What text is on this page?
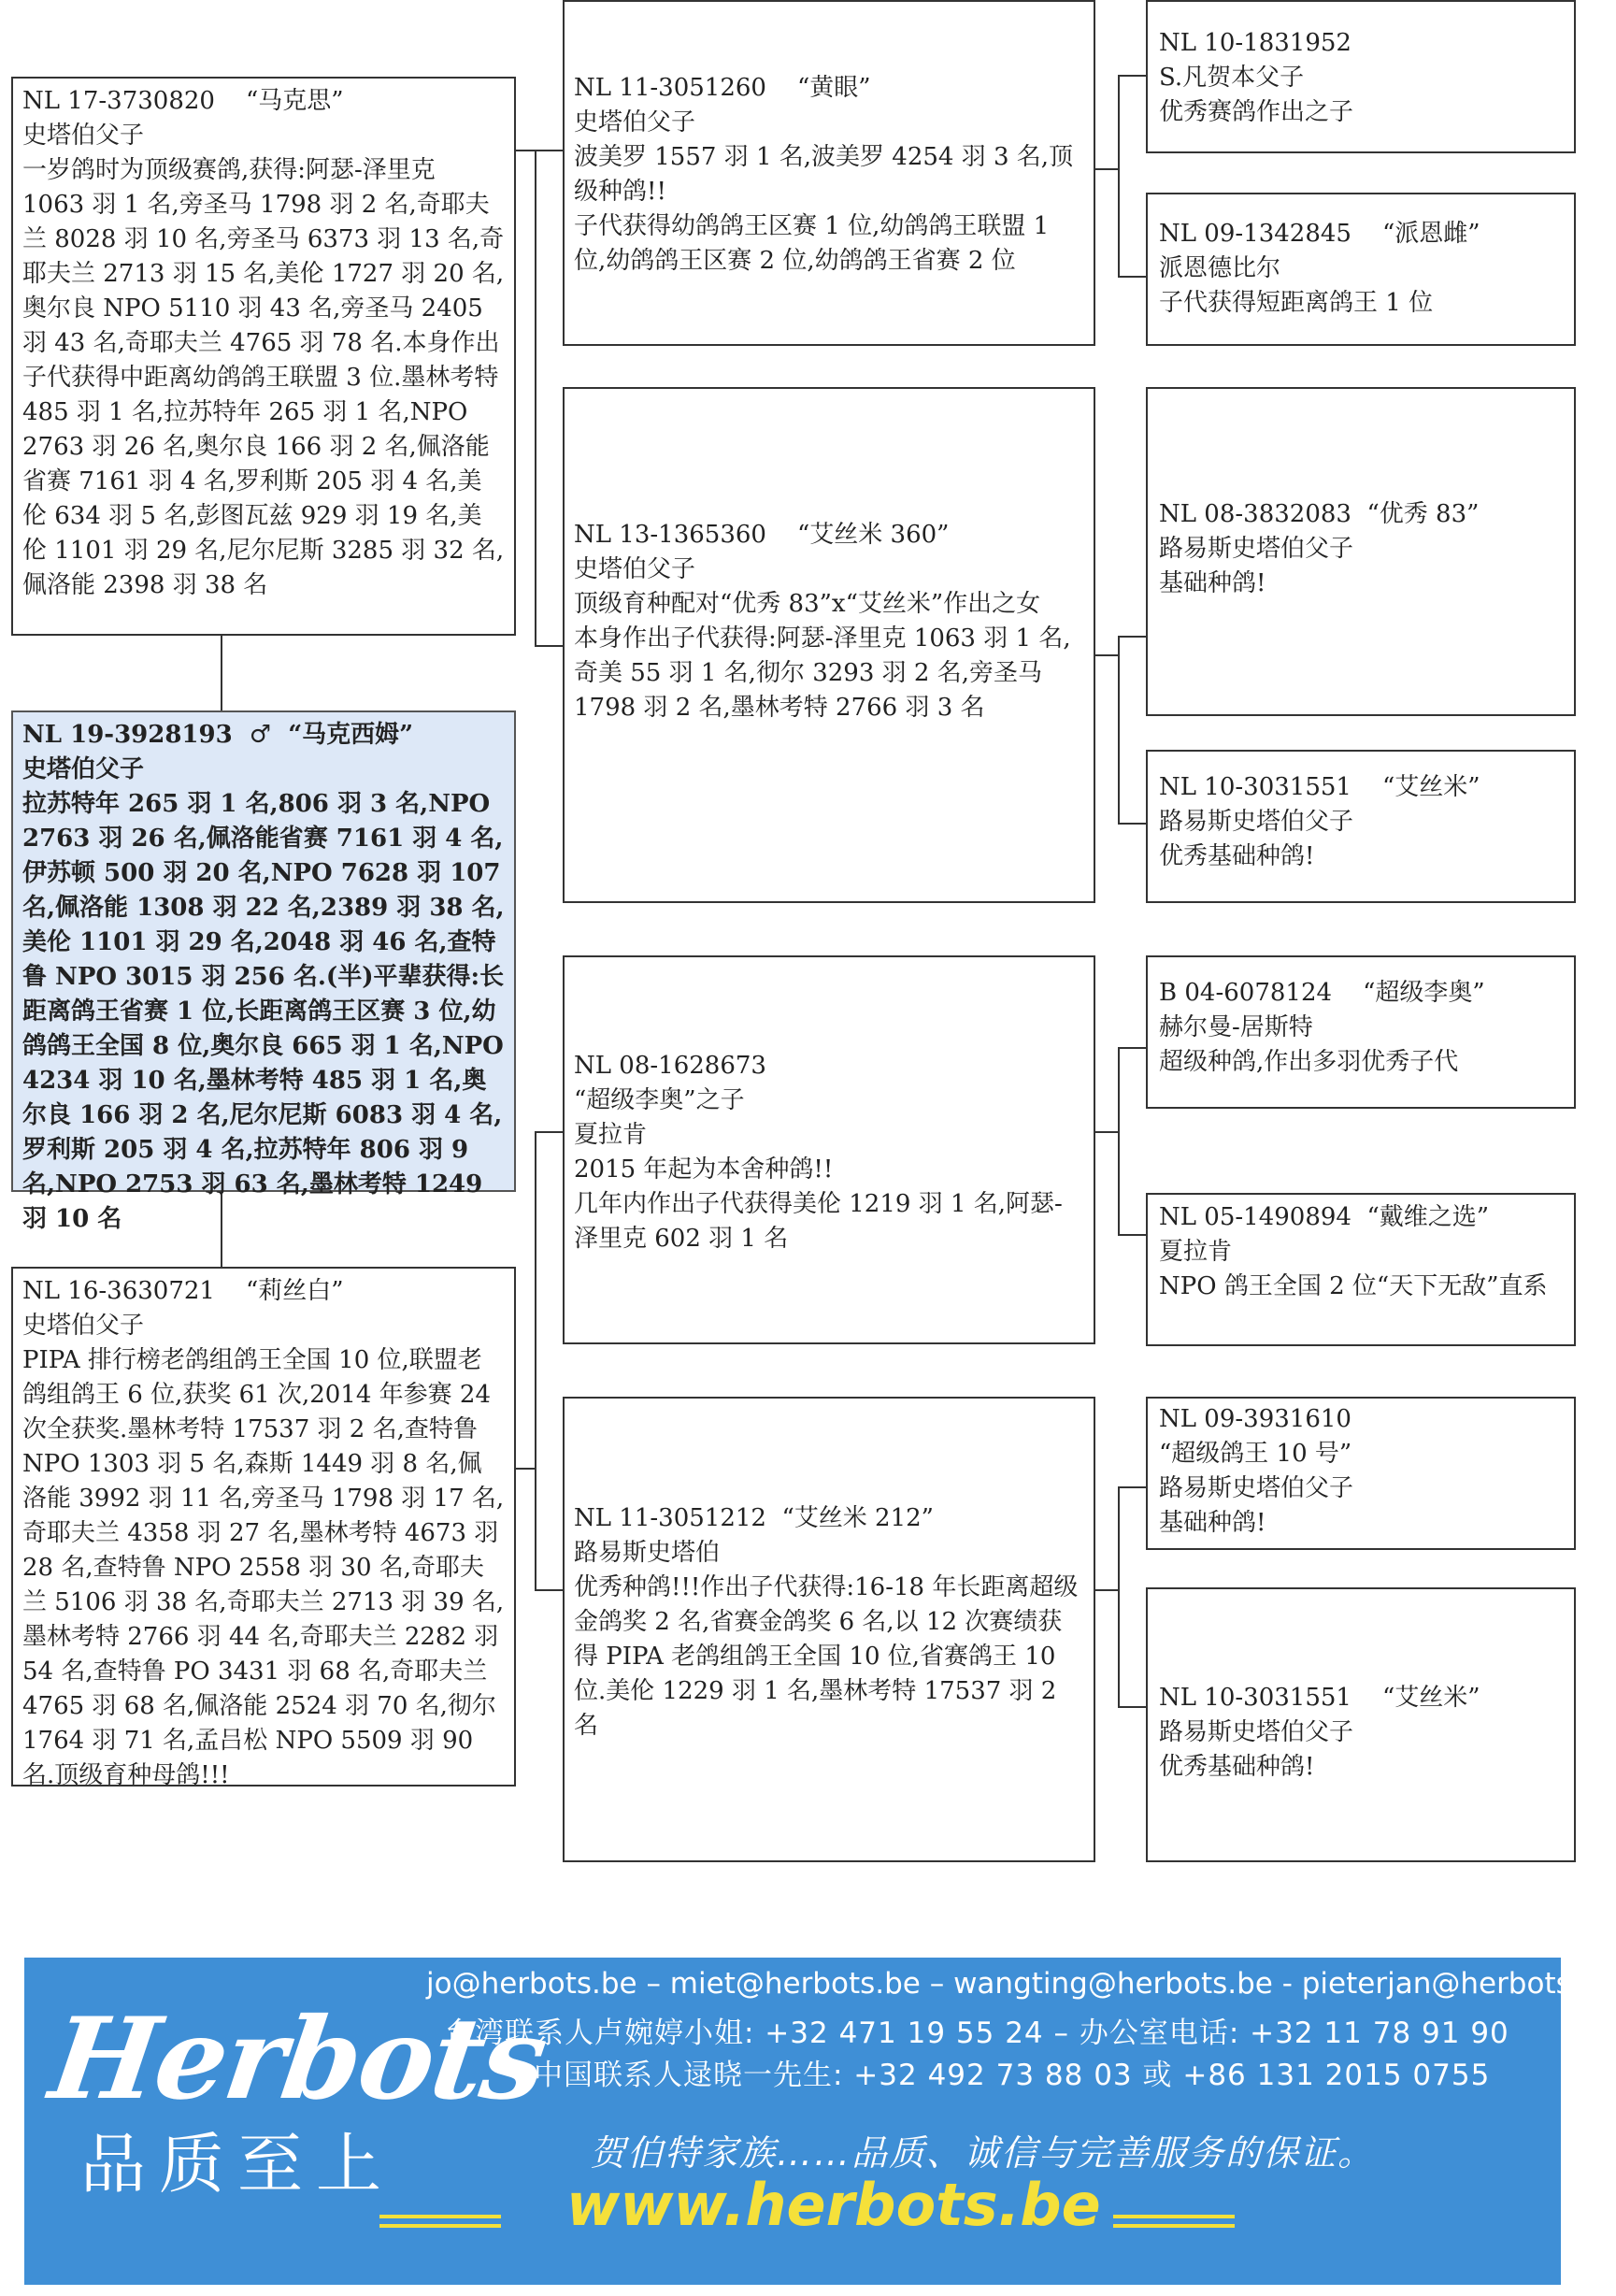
NL 17-3730820    “马克思”

史塔伯父子

一岁鸽时为顶级赛鸽,获得:阿瑟-泽里克 1063 羽 1 名,旁圣马 1798 羽 2 名,奇耶夫兰 8028 羽 10 名,旁圣马 6373 羽 13 名,奇耶夫兰 2713 羽 15 名,美伦 1727 羽 20 名,奥尔良 NPO 5110 羽 43 名,旁圣马 2405 羽 43 名,奇耶夫兰 4765 羽 78 名.本身作出子代获得中距离幼鸽鸽王联盟 3 位.墨林考特 485 羽 1 名,拉苏特年 265 羽 1 名,NPO 2763 羽 26 名,奥尔良 166 羽 2 名,佩洛能省赛 7161 羽 4 名,罗利斯 205 羽 4 名,美伦 634 羽 5 名,彭图瓦兹 929 羽 19 名,美伦 1101 羽 29 名,尼尔尼斯 3285 羽 32 名,佩洛能 2398 羽 38 名

NL 19-3928193  ♂  “马克西姆”

史塔伯父子

拉苏特年 265 羽 1 名,806 羽 3 名,NPO 2763 羽 26 名,佩洛能省赛 7161 羽 4 名,伊苏顿 500 羽 20 名,NPO 7628 羽 107 名,佩洛能 1308 羽 22 名,2389 羽 38 名,美伦 1101 羽 29 名,2048 羽 46 名,查特鲁 NPO 3015 羽 256 名.(半)平辈获得:长距离鸽王省赛 1 位,长距离鸽王区赛 3 位,幼鸽鸽王全国 8 位,奥尔良 665 羽 1 名,NPO 4234 羽 10 名,墨林考特 485 羽 1 名,奥尔良 166 羽 2 名,尼尔尼斯 6083 羽 4 名,罗利斯 205 羽 4 名,拉苏特年 806 羽 9 名,NPO 2753 羽 63 名,墨林考特 1249 羽 10 名

NL 16-3630721    “莉丝白”

史塔伯父子

PIPA 排行榜老鸽组鸽王全国 10 位,联盟老鸽组鸽王 6 位,获奖 61 次,2014 年参赛 24 次全获奖.墨林考特 17537 羽 2 名,查特鲁 NPO 1303 羽 5 名,森斯 1449 羽 8 名,佩洛能 3992 羽 11 名,旁圣马 1798 羽 17 名,奇耶夫兰 4358 羽 27 名,墨林考特 4673 羽 28 名,查特鲁 NPO 2558 羽 30 名,奇耶夫兰 5106 羽 38 名,奇耶夫兰 2713 羽 39 名,墨林考特 2766 羽 44 名,奇耶夫兰 2282 羽 54 名,查特鲁 PO 3431 羽 68 名,奇耶夫兰 4765 羽 68 名,佩洛能 2524 羽 70 名,彻尔 1764 羽 71 名,孟吕松 NPO 5509 羽 90 名.顶级育种母鸽!!!

NL 11-3051260    “黄眼”

史塔伯父子

波美罗 1557 羽 1 名,波美罗 4254 羽 3 名,顶级种鸽!!

子代获得幼鸽鸽王区赛 1 位,幼鸽鸽王联盟 1 位,幼鸽鸽王区赛 2 位,幼鸽鸽王省赛 2 位

NL 13-1365360    “艾丝米 360”

史塔伯父子

顶级育种配对“优秀 83”x“艾丝米”作出之女

本身作出子代获得:阿瑟-泽里克 1063 羽 1 名,奇美 55 羽 1 名,彻尔 3293 羽 2 名,旁圣马 1798 羽 2 名,墨林考特 2766 羽 3 名

NL 08-1628673

“超级李奥”之子

夏拉肯

2015 年起为本舍种鸽!!

几年内作出子代获得美伦 1219 羽 1 名,阿瑟-泽里克 602 羽 1 名

NL 11-3051212  “艾丝米 212”

路易斯史塔伯

优秀种鸽!!!作出子代获得:16-18 年长距离超级金鸽奖 2 名,省赛金鸽奖 6 名,以 12 次赛绩获得 PIPA 老鸽组鸽王全国 10 位,省赛鸽王 10 位.美伦 1229 羽 1 名,墨林考特 17537 羽 2 名

NL 10-1831952

S.凡贺本父子

优秀赛鸽作出之子

NL 09-1342845    “派恩雌”

派恩德比尔

子代获得短距离鸽王 1 位

NL 08-3832083  “优秀 83”

路易斯史塔伯父子

基础种鸽!

NL 10-3031551    “艾丝米”

路易斯史塔伯父子

优秀基础种鸽!

B 04-6078124    “超级李奥”

赫尔曼-居斯特

超级种鸽,作出多羽优秀子代

NL 05-1490894  “戴维之选”

夏拉肯

NPO 鸽王全国 2 位“天下无敌”直系

NL 09-3931610

“超级鸽王 10 号”

路易斯史塔伯父子

基础种鸽!

NL 10-3031551    “艾丝米”

路易斯史塔伯父子

优秀基础种鸽!

Herbots
品质至上
jo@herbots.be – miet@herbots.be – wangting@herbots.be - pieterjan@herbots.be
台湾联系人卢婉婷小姐: +32 471 19 55 24 – 办公室电话: +32 11 78 91 90
中国联系人逯晓一先生: +32 492 73 88 03 或 +86 131 2015 0755
贺伯特家族……品质、诚信与完善服务的保证。
www.herbots.be
